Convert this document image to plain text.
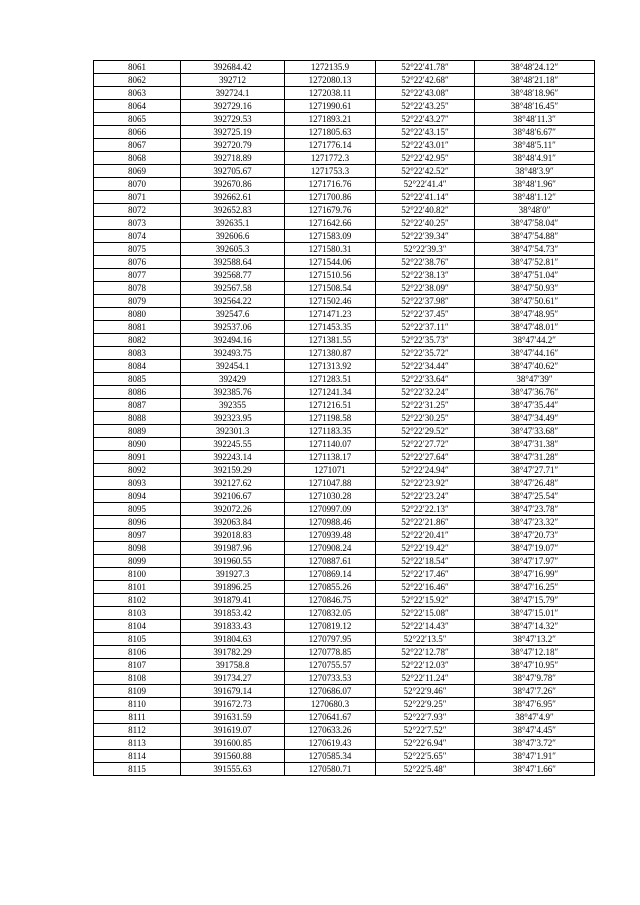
8061	392684.42	1272135.9	52°22′41.78″	38°48′24.12″
8062	392712	1272080.13	52°22′42.68″	38°48′21.18″
8063	392724.1	1272038.11	52°22′43.08″	38°48′18.96″
8064	392729.16	1271990.61	52°22′43.25″	38°48′16.45″
8065	392729.53	1271893.21	52°22′43.27″	38°48′11.3″
8066	392725.19	1271805.63	52°22′43.15″	38°48′6.67″
8067	392720.79	1271776.14	52°22′43.01″	38°48′5.11″
8068	392718.89	1271772.3	52°22′42.95″	38°48′4.91″
8069	392705.67	1271753.3	52°22′42.52″	38°48′3.9″
8070	392670.86	1271716.76	52°22′41.4″	38°48′1.96″
8071	392662.61	1271700.86	52°22′41.14″	38°48′1.12″
8072	392652.83	1271679.76	52°22′40.82″	38°48′0″
8073	392635.1	1271642.66	52°22′40.25″	38°47′58.04″
8074	392606.6	1271583.09	52°22′39.34″	38°47′54.88″
8075	392605.3	1271580.31	52°22′39.3″	38°47′54.73″
8076	392588.64	1271544.06	52°22′38.76″	38°47′52.81″
8077	392568.77	1271510.56	52°22′38.13″	38°47′51.04″
8078	392567.58	1271508.54	52°22′38.09″	38°47′50.93″
8079	392564.22	1271502.46	52°22′37.98″	38°47′50.61″
8080	392547.6	1271471.23	52°22′37.45″	38°47′48.95″
8081	392537.06	1271453.35	52°22′37.11″	38°47′48.01″
8082	392494.16	1271381.55	52°22′35.73″	38°47′44.2″
8083	392493.75	1271380.87	52°22′35.72″	38°47′44.16″
8084	392454.1	1271313.92	52°22′34.44″	38°47′40.62″
8085	392429	1271283.51	52°22′33.64″	38°47′39″
8086	392385.76	1271241.34	52°22′32.24″	38°47′36.76″
8087	392355	1271216.51	52°22′31.25″	38°47′35.44″
8088	392323.95	1271198.58	52°22′30.25″	38°47′34.49″
8089	392301.3	1271183.35	52°22′29.52″	38°47′33.68″
8090	392245.55	1271140.07	52°22′27.72″	38°47′31.38″
8091	392243.14	1271138.17	52°22′27.64″	38°47′31.28″
8092	392159.29	1271071	52°22′24.94″	38°47′27.71″
8093	392127.62	1271047.88	52°22′23.92″	38°47′26.48″
8094	392106.67	1271030.28	52°22′23.24″	38°47′25.54″
8095	392072.26	1270997.09	52°22′22.13″	38°47′23.78″
8096	392063.84	1270988.46	52°22′21.86″	38°47′23.32″
8097	392018.83	1270939.48	52°22′20.41″	38°47′20.73″
8098	391987.96	1270908.24	52°22′19.42″	38°47′19.07″
8099	391960.55	1270887.61	52°22′18.54″	38°47′17.97″
8100	391927.3	1270869.14	52°22′17.46″	38°47′16.99″
8101	391896.25	1270855.26	52°22′16.46″	38°47′16.25″
8102	391879.41	1270846.75	52°22′15.92″	38°47′15.79″
8103	391853.42	1270832.05	52°22′15.08″	38°47′15.01″
8104	391833.43	1270819.12	52°22′14.43″	38°47′14.32″
8105	391804.63	1270797.95	52°22′13.5″	38°47′13.2″
8106	391782.29	1270778.85	52°22′12.78″	38°47′12.18″
8107	391758.8	1270755.57	52°22′12.03″	38°47′10.95″
8108	391734.27	1270733.53	52°22′11.24″	38°47′9.78″
8109	391679.14	1270686.07	52°22′9.46″	38°47′7.26″
8110	391672.73	1270680.3	52°22′9.25″	38°47′6.95″
8111	391631.59	1270641.67	52°22′7.93″	38°47′4.9″
8112	391619.07	1270633.26	52°22′7.52″	38°47′4.45″
8113	391600.85	1270619.43	52°22′6.94″	38°47′3.72″
8114	391560.88	1270585.34	52°22′5.65″	38°47′1.91″
8115	391555.63	1270580.71	52°22′5.48″	38°47′1.66″
